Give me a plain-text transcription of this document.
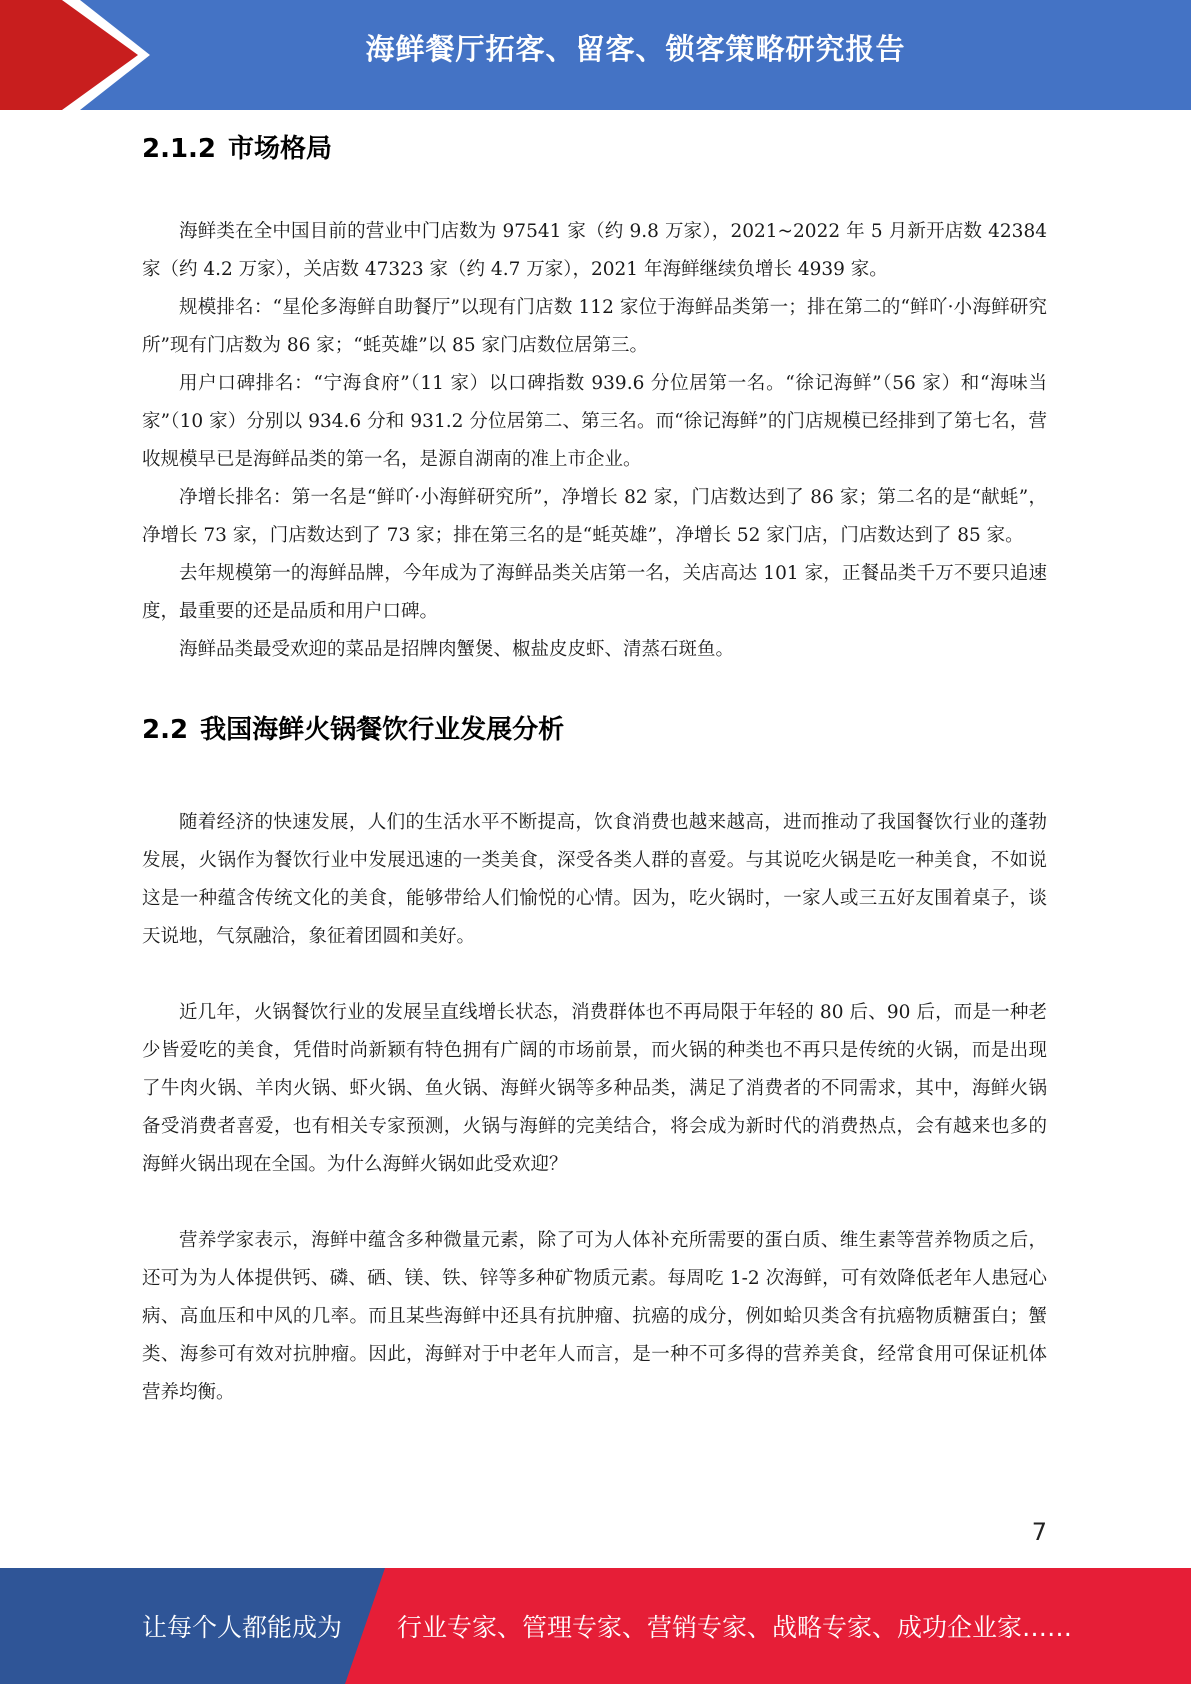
海鲜餐厅拓客、留客、锁客策略研究报告
2.1.2 市场格局

海鲜类在全中国目前的营业中门店数为 97541 家（约 9.8 万家），2021~2022 年 5 月新开店数 42384 家（约 4.2 万家），关店数 47323 家（约 4.7 万家），2021 年海鲜继续负增长 4939 家。

规模排名：“星伦多海鲜自助餐厅”以现有门店数 112 家位于海鲜品类第一；排在第二的“鲜吖·小海鲜研究所”现有门店数为 86 家；“蚝英雄”以 85 家门店数位居第三。

用户口碑排名：“宁海食府”（11 家）以口碑指数 939.6 分位居第一名。“徐记海鲜”（56 家）和“海味当家”（10 家）分别以 934.6 分和 931.2 分位居第二、第三名。而“徐记海鲜”的门店规模已经排到了第七名，营收规模早已是海鲜品类的第一名，是源自湖南的准上市企业。

净增长排名：第一名是“鲜吖·小海鲜研究所”，净增长 82 家，门店数达到了 86 家；第二名的是“献蚝”，净增长 73 家，门店数达到了 73 家；排在第三名的是“蚝英雄”，净增长 52 家门店，门店数达到了 85 家。

去年规模第一的海鲜品牌，今年成为了海鲜品类关店第一名，关店高达 101 家，正餐品类千万不要只追速度，最重要的还是品质和用户口碑。

海鲜品类最受欢迎的菜品是招牌肉蟹煲、椒盐皮皮虾、清蒸石斑鱼。

2.2 我国海鲜火锅餐饮行业发展分析

随着经济的快速发展，人们的生活水平不断提高，饮食消费也越来越高，进而推动了我国餐饮行业的蓬勃发展，火锅作为餐饮行业中发展迅速的一类美食，深受各类人群的喜爱。与其说吃火锅是吃一种美食，不如说这是一种蕴含传统文化的美食，能够带给人们愉悦的心情。因为，吃火锅时，一家人或三五好友围着桌子，谈天说地，气氛融洽，象征着团圆和美好。

近几年，火锅餐饮行业的发展呈直线增长状态，消费群体也不再局限于年轻的 80 后、90 后，而是一种老少皆爱吃的美食，凭借时尚新颖有特色拥有广阔的市场前景，而火锅的种类也不再只是传统的火锅，而是出现了牛肉火锅、羊肉火锅、虾火锅、鱼火锅、海鲜火锅等多种品类，满足了消费者的不同需求，其中，海鲜火锅备受消费者喜爱，也有相关专家预测，火锅与海鲜的完美结合，将会成为新时代的消费热点，会有越来也多的海鲜火锅出现在全国。为什么海鲜火锅如此受欢迎？

营养学家表示，海鲜中蕴含多种微量元素，除了可为人体补充所需要的蛋白质、维生素等营养物质之后，还可为为人体提供钙、磷、硒、镁、铁、锌等多种矿物质元素。每周吃 1-2 次海鲜，可有效降低老年人患冠心病、高血压和中风的几率。而且某些海鲜中还具有抗肿瘤、抗癌的成分，例如蛤贝类含有抗癌物质糖蛋白；蟹类、海参可有效对抗肿瘤。因此，海鲜对于中老年人而言，是一种不可多得的营养美食，经常食用可保证机体营养均衡。

7
让每个人都能成为 行业专家、管理专家、营销专家、战略专家、成功企业家……
